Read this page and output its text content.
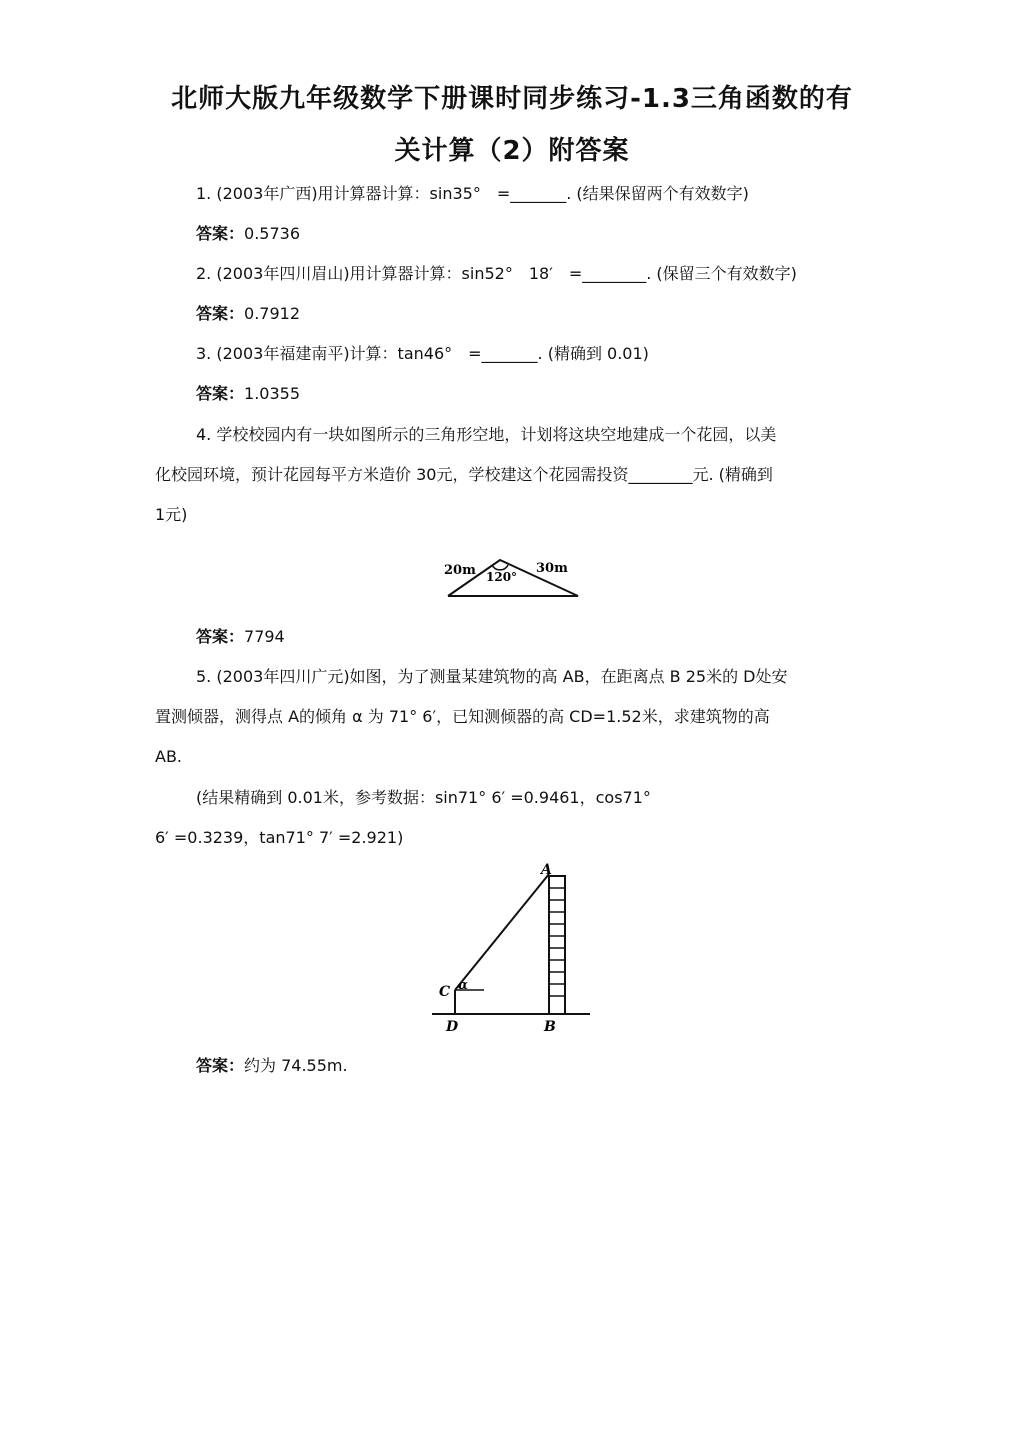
北师大版九年级数学下册课时同步练习-1.3三角函数的有
关计算（2）附答案
1. (2003年广西)用计算器计算：sin35°　=_______. (结果保留两个有效数字)
答案：0.5736
2. (2003年四川眉山)用计算器计算：sin52°　18′　=________. (保留三个有效数字)
答案：0.7912
3. (2003年福建南平)计算：tan46°　=_______. (精确到 0.01)
答案：1.0355
4. 学校校园内有一块如图所示的三角形空地，计划将这块空地建成一个花园，以美
化校园环境，预计花园每平方米造价 30元，学校建这个花园需投资________元. (精确到
1元)
20m	30m
120°
答案：7794
5. (2003年四川广元)如图，为了测量某建筑物的高 AB，在距离点 B 25米的 D处安
置测倾器，测得点 A的倾角 α 为 71° 6′，已知测倾器的高 CD=1.52米，求建筑物的高
AB.
(结果精确到 0.01米，参考数据：sin71° 6′ =0.9461，cos71°
6′ =0.3239，tan71° 7′ =2.921)
A
B
C
D
α
答案：约为 74.55m.
